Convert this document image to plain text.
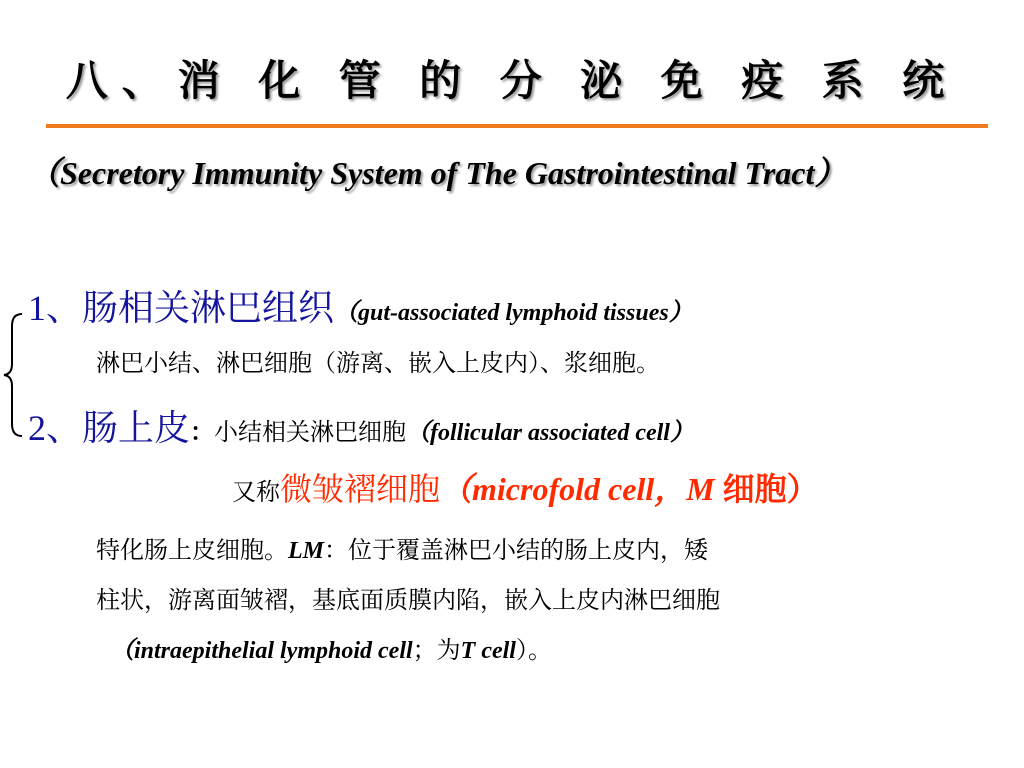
八、消 化 管 的 分 泌 免 疫 系 统
（Secretory Immunity System of The Gastrointestinal Tract）
1、肠相关淋巴组织（gut-associated lymphoid tissues）
淋巴小结、淋巴细胞（游离、嵌入上皮内）、浆细胞。
2、肠上皮：小结相关淋巴细胞（follicular associated cell）
又称微皱褶细胞（microfold cell，M 细胞）
特化肠上皮细胞。LM：位于覆盖淋巴小结的肠上皮内，矮
柱状，游离面皱褶，基底面质膜内陷，嵌入上皮内淋巴细胞
（intraepithelial lymphoid cell；为T cell）。
